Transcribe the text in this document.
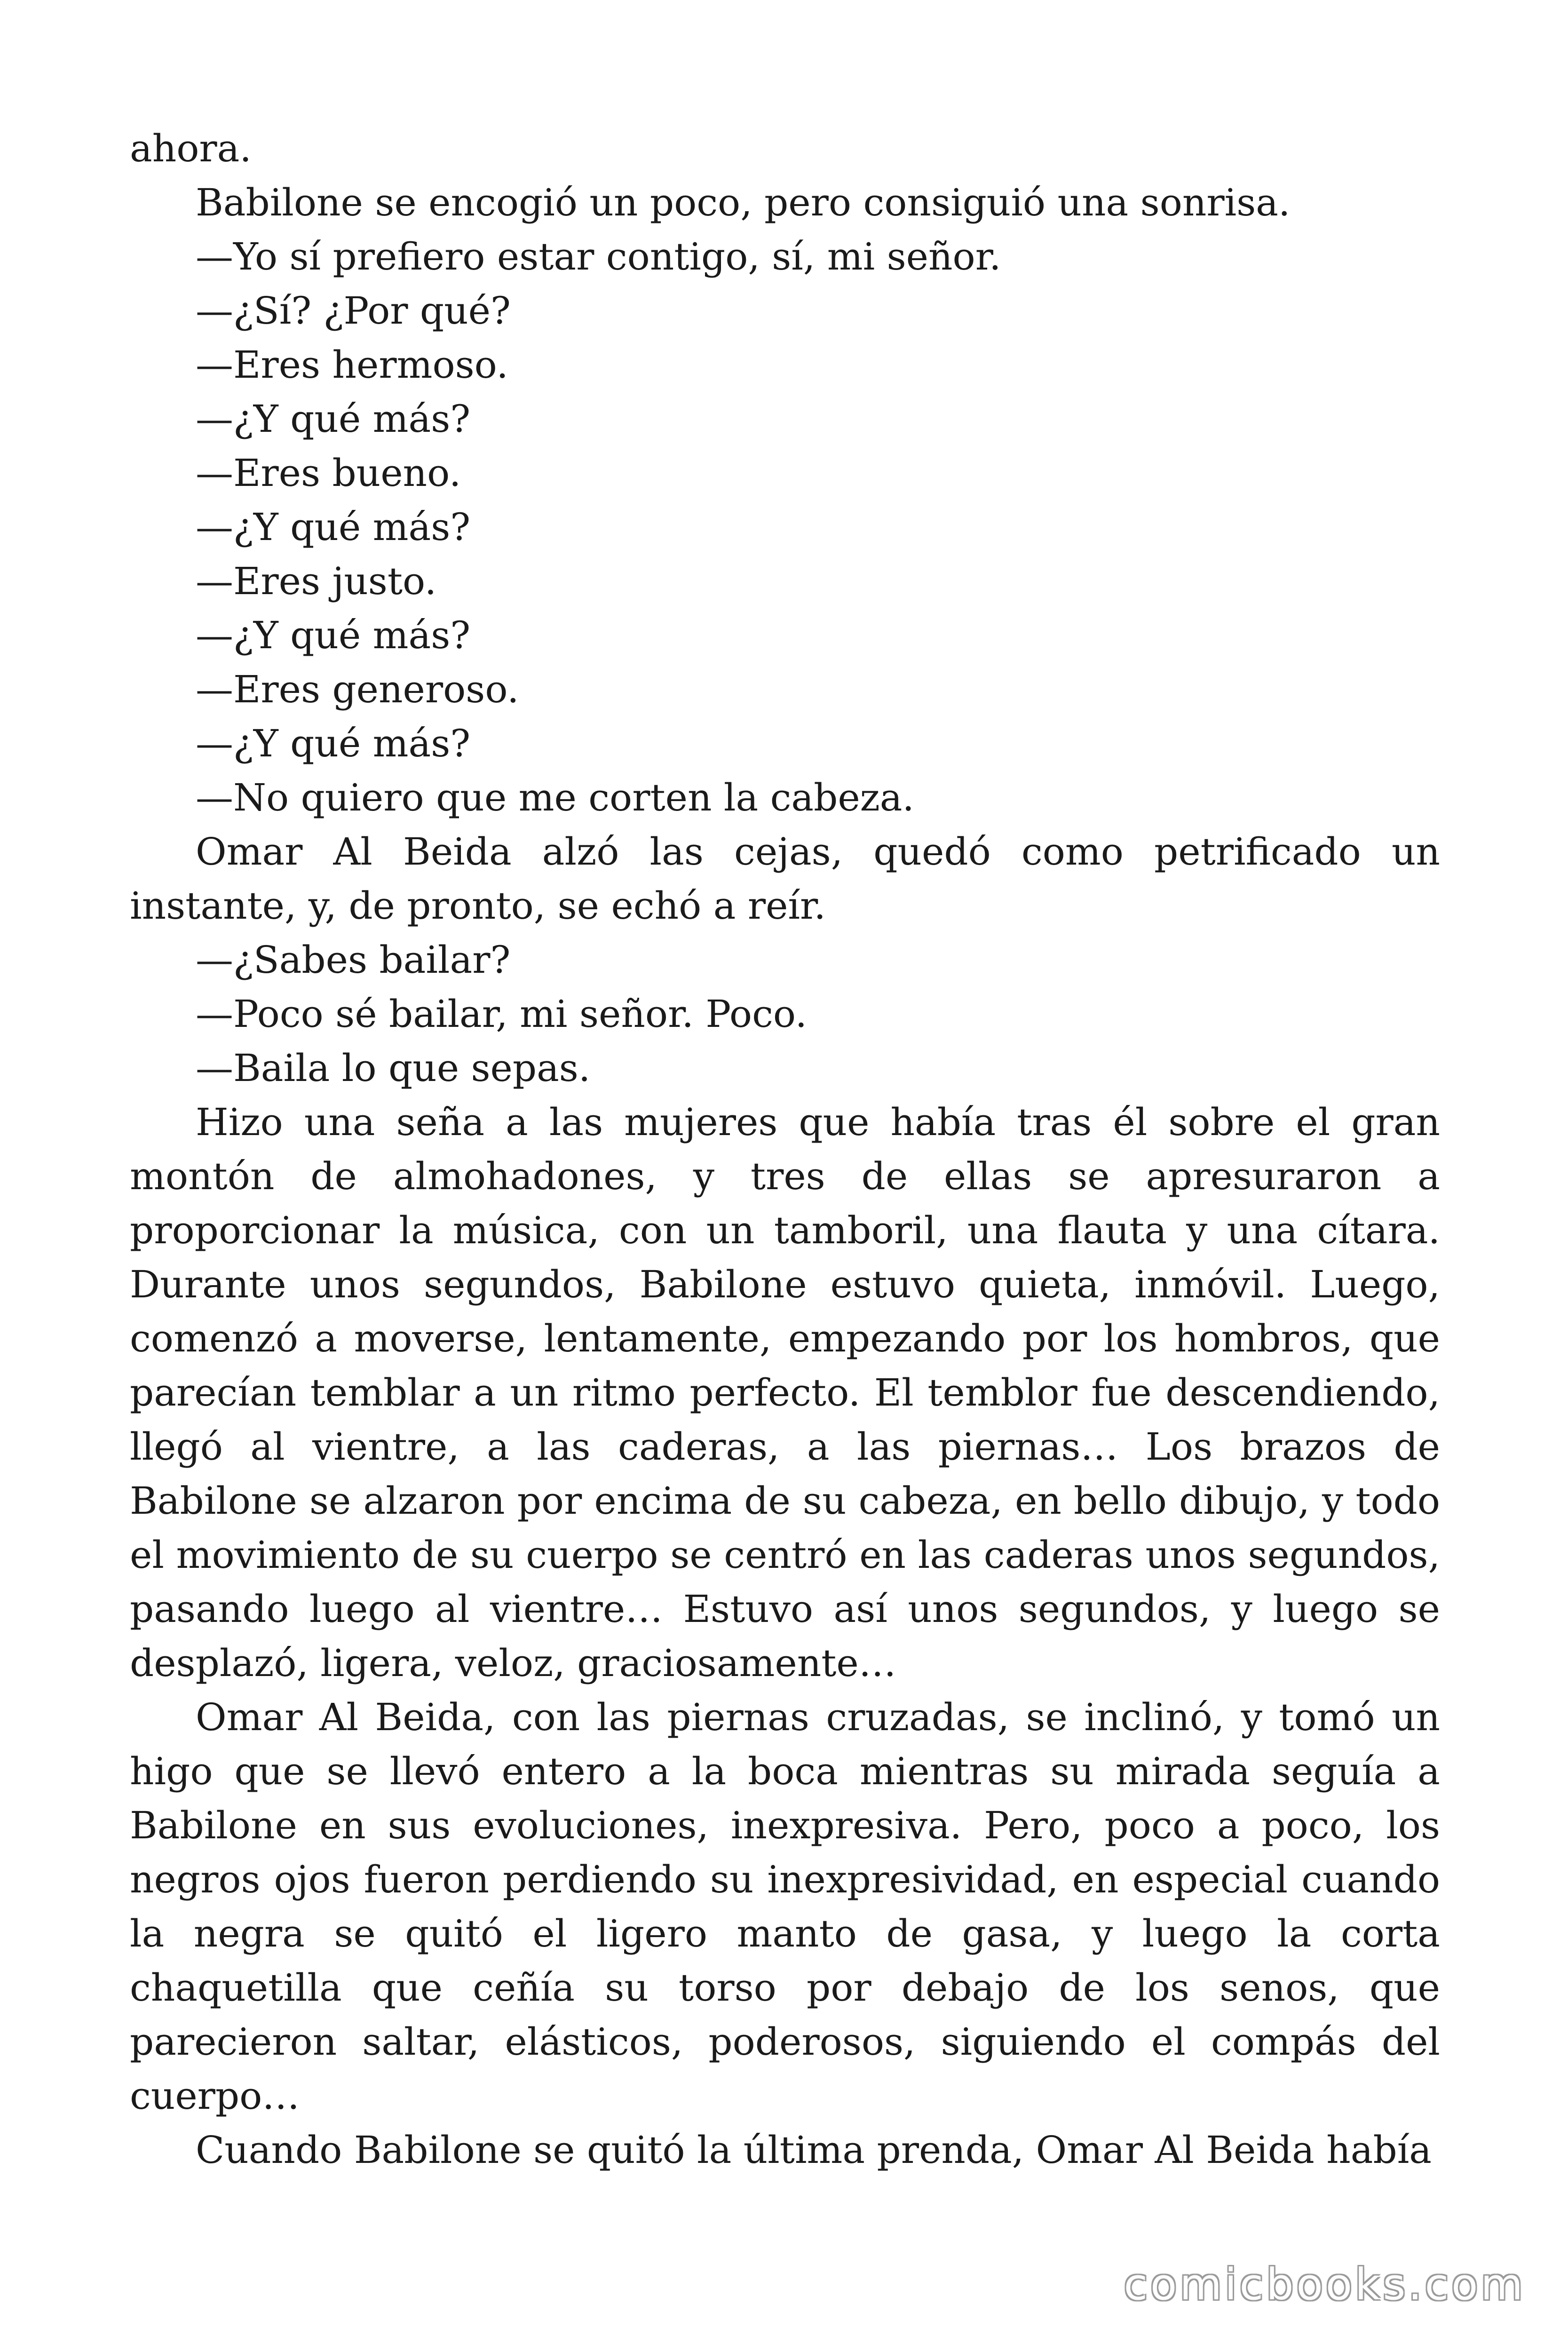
ahora.

Babilone se encogió un poco, pero consiguió una sonrisa.

—Yo sí prefiero estar contigo, sí, mi señor.

—¿Sí? ¿Por qué?

—Eres hermoso.

—¿Y qué más?

—Eres bueno.

—¿Y qué más?

—Eres justo.

—¿Y qué más?

—Eres generoso.

—¿Y qué más?

—No quiero que me corten la cabeza.

Omar Al Beida alzó las cejas, quedó como petrificado un instante, y, de pronto, se echó a reír.

—¿Sabes bailar?

—Poco sé bailar, mi señor. Poco.

—Baila lo que sepas.

Hizo una seña a las mujeres que había tras él sobre el gran montón de almohadones, y tres de ellas se apresuraron a proporcionar la música, con un tamboril, una flauta y una cítara. Durante unos segundos, Babilone estuvo quieta, inmóvil. Luego, comenzó a moverse, lentamente, empezando por los hombros, que parecían temblar a un ritmo perfecto. El temblor fue descendiendo, llegó al vientre, a las caderas, a las piernas… Los brazos de Babilone se alzaron por encima de su cabeza, en bello dibujo, y todo el movimiento de su cuerpo se centró en las caderas unos segundos, pasando luego al vientre… Estuvo así unos segundos, y luego se desplazó, ligera, veloz, graciosamente…

Omar Al Beida, con las piernas cruzadas, se inclinó, y tomó un higo que se llevó entero a la boca mientras su mirada seguía a Babilone en sus evoluciones, inexpresiva. Pero, poco a poco, los negros ojos fueron perdiendo su inexpresividad, en especial cuando la negra se quitó el ligero manto de gasa, y luego la corta chaquetilla que ceñía su torso por debajo de los senos, que parecieron saltar, elásticos, poderosos, siguiendo el compás del cuerpo…

Cuando Babilone se quitó la última prenda, Omar Al Beida había

comicbooks.com
